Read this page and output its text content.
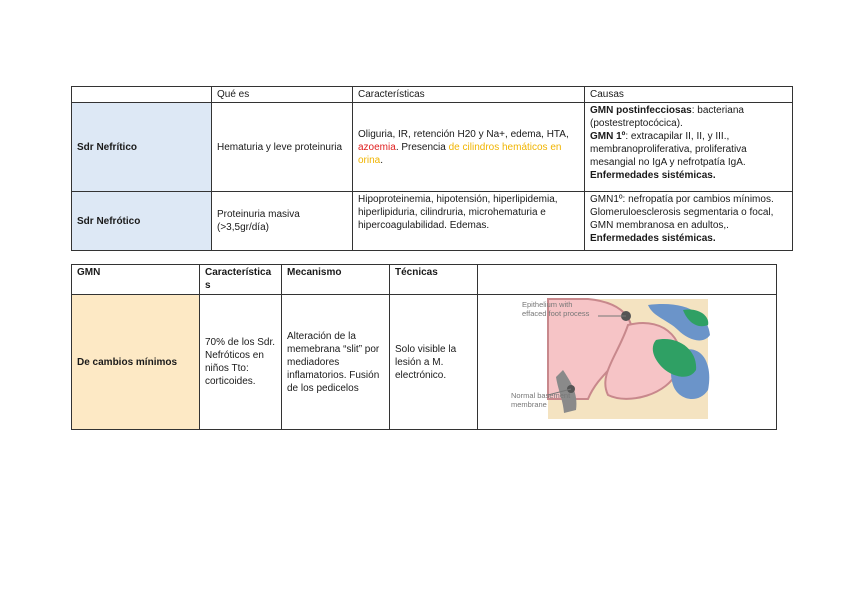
	Qué es	Características	Causas
Sdr Nefrítico	Hematuria y leve proteinuria	Oliguria, IR, retención H20 y Na+, edema, HTA, azoemia. Presencia de cilindros hemáticos en orina.	GMN postinfecciosas: bacteriana (postestreptocócica).
GMN 1º: extracapilar II, II, y III., membranoproliferativa, proliferativa mesangial no IgA y nefrotpatía IgA.
Enfermedades sistémicas.
Sdr Nefrótico	Proteinuria masiva (>3,5gr/día)	Hipoproteinemia, hipotensión, hiperlipidemia, hiperlipiduria, cilindruria, microhematuria e hipercoagulabilidad. Edemas.	GMN1º: nefropatía por cambios mínimos. Glomeruloesclerosis segmentaria o focal, GMN membranosa en adultos,. Enfermedades sistémicas.
GMN	Característica s	Mecanismo	Técnicas	
De cambios mínimos	70% de los Sdr. Nefróticos en niños Tto: corticoides.	Alteración de la memebrana “slit” por mediadores inflamatorios. Fusión de los pedicelos	Solo visible la lesión a M. electrónico.	Epithelium with
effaced foot process
Normal basement
membrane
